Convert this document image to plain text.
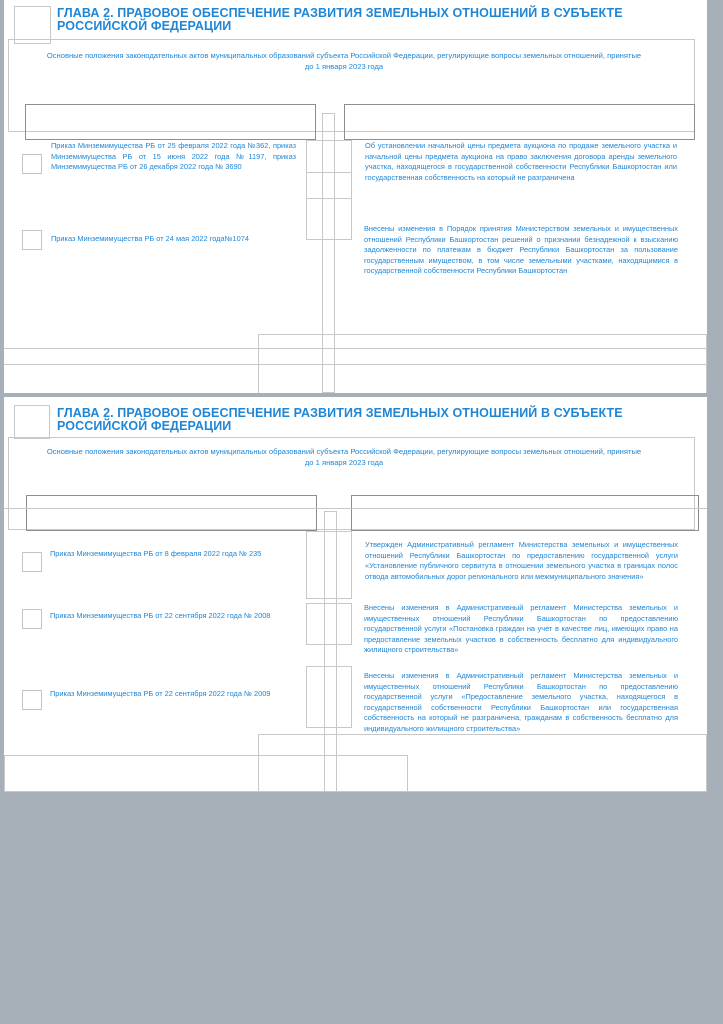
ГЛАВА 2. ПРАВОВОЕ ОБЕСПЕЧЕНИЕ РАЗВИТИЯ ЗЕМЕЛЬНЫХ ОТНОШЕНИЙ В СУБЪЕКТЕ РОССИЙСКОЙ ФЕДЕРАЦИИ

Основные положения законодательных актов муниципальных образований субъекта Российской Федерации, регулирующие вопросы земельных отношений, принятые до 1 января 2023 года

Приказ Минземимущества РБ от 25 февраля 2022 года №362, приказ Минземимущества РБ от 15 июня 2022 года №1197, приказ Минземимущества РБ от 26 декабря 2022 года № 3690

Об установлении начальной цены предмета аукциона по продаже земельного участка и начальной цены предмета аукциона на право заключения договора аренды земельного участка, находящегося в государственной собственности Республики Башкортостан или государственная собственность на который не разграничена

Приказ Минземимущества РБ от 24 мая 2022 года№1074

Внесены изменения в Порядок принятия Министерством земельных и имущественных отношений Республики Башкортостан решений о признании безнадежной к взысканию задолженности по платежам в бюджет Республики Башкортостан за пользование государственным имуществом, в том числе земельными участками, находящимися в государственной собственности Республики Башкортостан

ГЛАВА 2. ПРАВОВОЕ ОБЕСПЕЧЕНИЕ РАЗВИТИЯ ЗЕМЕЛЬНЫХ ОТНОШЕНИЙ В СУБЪЕКТЕ РОССИЙСКОЙ ФЕДЕРАЦИИ

Основные положения законодательных актов муниципальных образований субъекта Российской Федерации, регулирующие вопросы земельных отношений, принятые до 1 января 2023 года

Приказ Минземимущества РБ от 8 февраля 2022 года № 235

Утвержден Административный регламент Министерства земельных и имущественных отношений Республики Башкортостан по предоставлению государственной услуги «Установление публичного сервитута в отношении земельного участка в границах полос отвода автомобильных дорог регионального или межмуниципального значения»

Приказ Минземимущества РБ от 22 сентября 2022 года № 2008

Внесены изменения в Административный регламент Министерства земельных и имущественных отношений Республики Башкортостан по предоставлению государственной услуги «Постановка граждан на учет в качестве лиц, имеющих право на предоставление земельных участков в собственность бесплатно для индивидуального жилищного строительства»

Приказ Минземимущества РБ от 22 сентября 2022 года № 2009

Внесены изменения в Административный регламент Министерства земельных и имущественных отношений Республики Башкортостан по предоставлению государственной услуги «Предоставление земельного участка, находящегося в государственной собственности Республики Башкортостан или государственная собственность на который не разграничена, гражданам в собственность бесплатно для индивидуального жилищного строительства»
